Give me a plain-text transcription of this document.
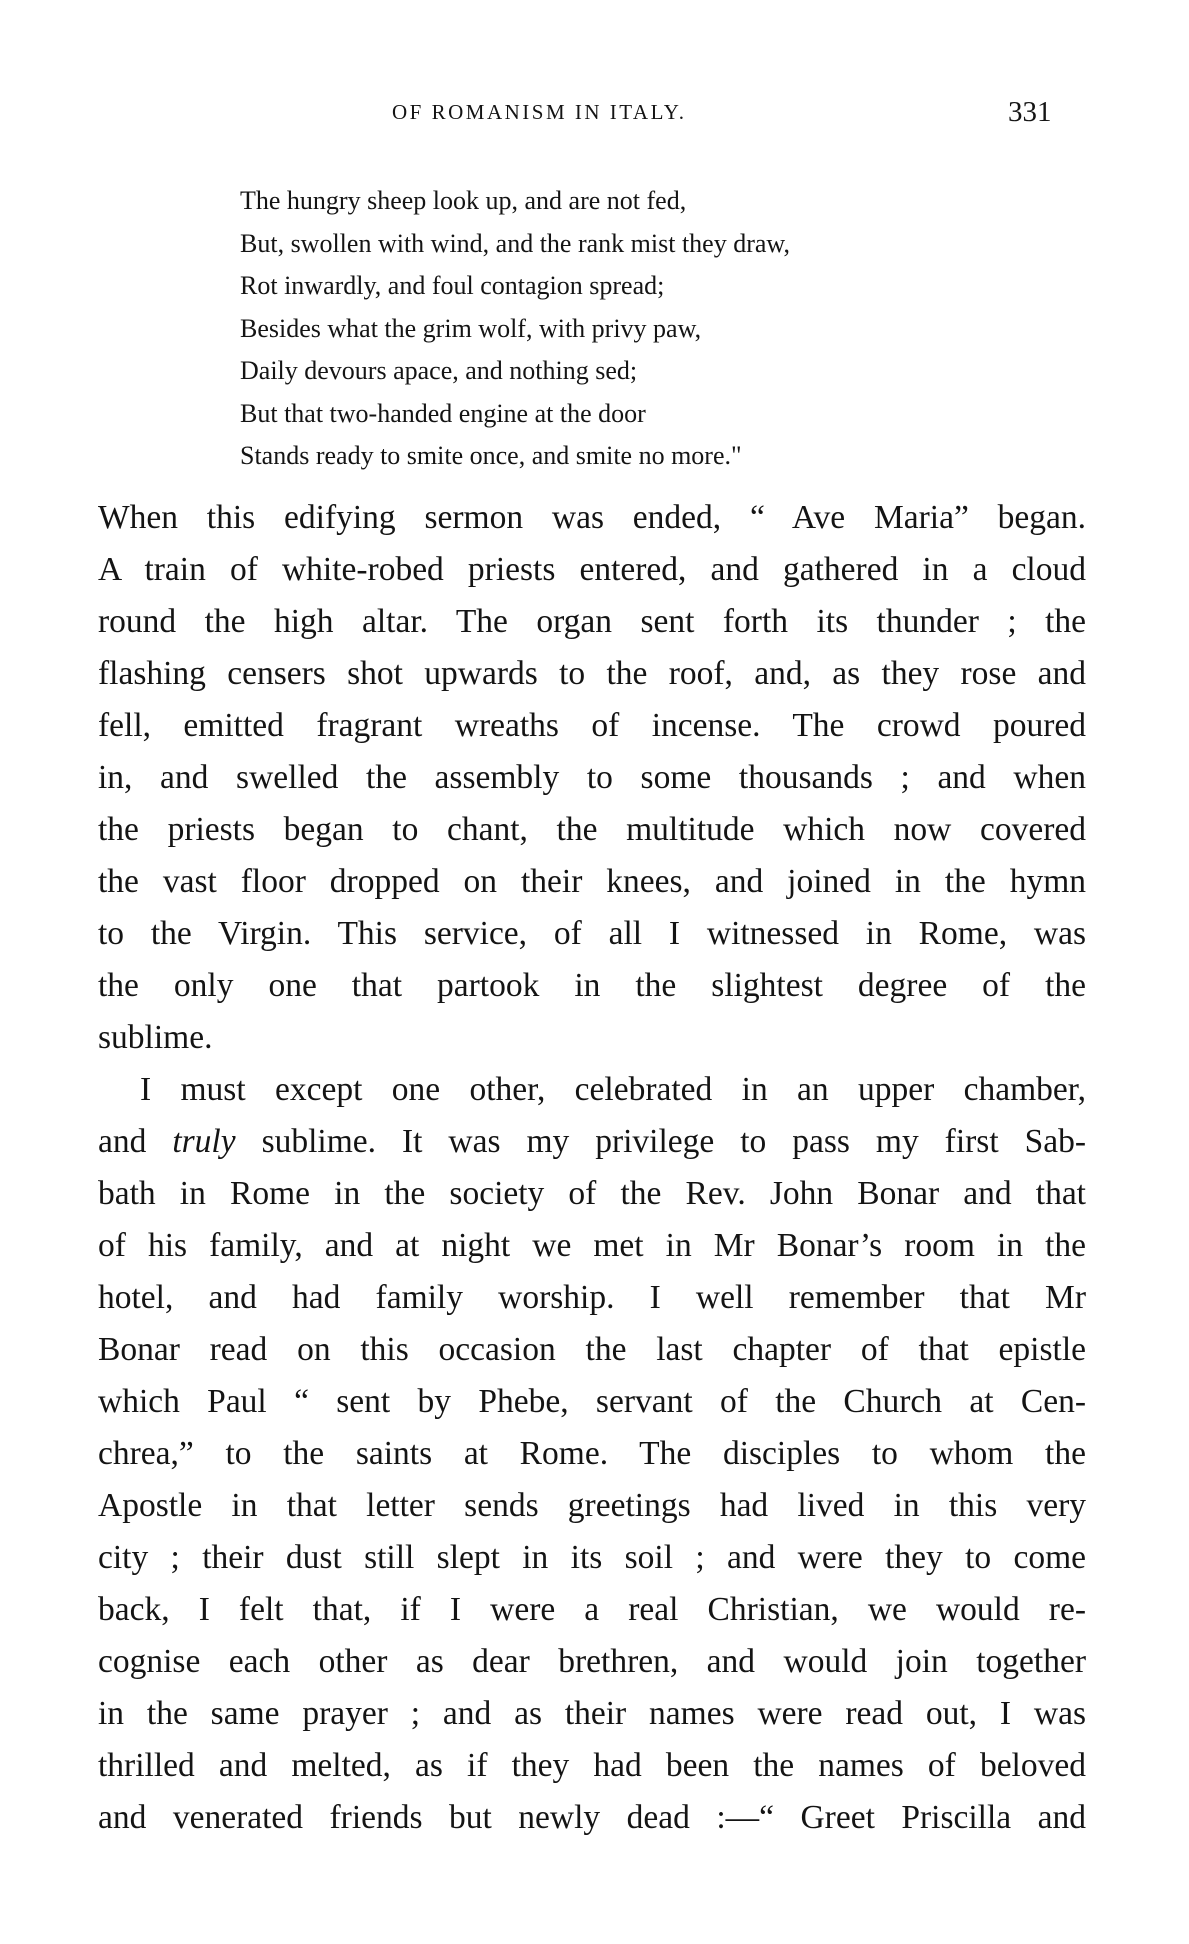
OF ROMANISM IN ITALY.	331
The hungry sheep look up, and are not fed,
But, swollen with wind, and the rank mist they draw,
Rot inwardly, and foul contagion spread;
Besides what the grim wolf, with privy paw,
Daily devours apace, and nothing sed;
But that two-handed engine at the door
Stands ready to smite once, and smite no more."
When this edifying sermon was ended, “ Ave Maria” began.
A train of white-robed priests entered, and gathered in a cloud
round the high altar. The organ sent forth its thunder ; the
flashing censers shot upwards to the roof, and, as they rose and
fell, emitted fragrant wreaths of incense. The crowd poured
in, and swelled the assembly to some thousands ; and when
the priests began to chant, the multitude which now covered
the vast floor dropped on their knees, and joined in the hymn
to the Virgin. This service, of all I witnessed in Rome, was
the only one that partook in the slightest degree of the
sublime.
I must except one other, celebrated in an upper chamber,
and truly sublime. It was my privilege to pass my first Sab-
bath in Rome in the society of the Rev. John Bonar and that
of his family, and at night we met in Mr Bonar’s room in the
hotel, and had family worship. I well remember that Mr
Bonar read on this occasion the last chapter of that epistle
which Paul “ sent by Phebe, servant of the Church at Cen-
chrea,” to the saints at Rome. The disciples to whom the
Apostle in that letter sends greetings had lived in this very
city ; their dust still slept in its soil ; and were they to come
back, I felt that, if I were a real Christian, we would re-
cognise each other as dear brethren, and would join together
in the same prayer ; and as their names were read out, I was
thrilled and melted, as if they had been the names of beloved
and venerated friends but newly dead :—“ Greet Priscilla and
